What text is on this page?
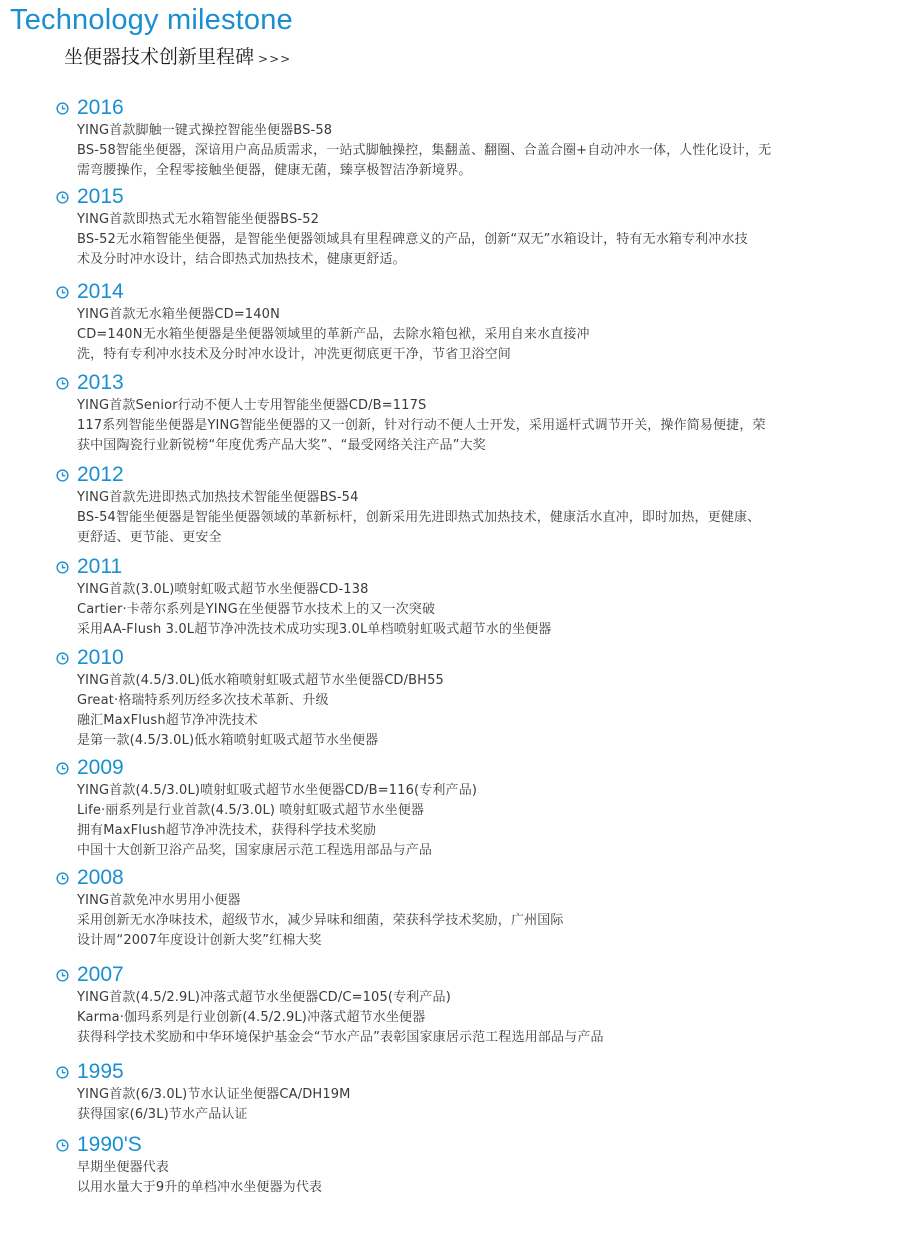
Technology milestone
坐便器技术创新里程碑 >>>
2016
YING首款脚触一键式操控智能坐便器BS-58
BS-58智能坐便器，深谙用户高品质需求，一站式脚触操控，集翻盖、翻圈、合盖合圈+自动冲水一体，人性化设计，无
需弯腰操作，全程零接触坐便器，健康无菌，臻享极智洁净新境界。
2015
YING首款即热式无水箱智能坐便器BS-52
BS-52无水箱智能坐便器，是智能坐便器领域具有里程碑意义的产品，创新“双无”水箱设计，特有无水箱专利冲水技
术及分时冲水设计，结合即热式加热技术，健康更舒适。
2014
YING首款无水箱坐便器CD=140N
CD=140N无水箱坐便器是坐便器领域里的革新产品，去除水箱包袱，采用自来水直接冲
洗，特有专利冲水技术及分时冲水设计，冲洗更彻底更干净，节省卫浴空间
2013
YING首款Senior行动不便人士专用智能坐便器CD/B=117S
117系列智能坐便器是YING智能坐便器的又一创新，针对行动不便人士开发，采用遥杆式调节开关，操作简易便捷，荣
获中国陶瓷行业新锐榜“年度优秀产品大奖”、“最受网络关注产品”大奖
2012
YING首款先进即热式加热技术智能坐便器BS-54
BS-54智能坐便器是智能坐便器领域的革新标杆，创新采用先进即热式加热技术，健康活水直冲，即时加热，更健康、
更舒适、更节能、更安全
2011
YING首款(3.0L)喷射虹吸式超节水坐便器CD-138
Cartier·卡蒂尔系列是YING在坐便器节水技术上的又一次突破
采用AA-Flush 3.0L超节净冲洗技术成功实现3.0L单档喷射虹吸式超节水的坐便器
2010
YING首款(4.5/3.0L)低水箱喷射虹吸式超节水坐便器CD/BH55
Great·格瑞特系列历经多次技术革新、升级
融汇MaxFlush超节净冲洗技术
是第一款(4.5/3.0L)低水箱喷射虹吸式超节水坐便器
2009
YING首款(4.5/3.0L)喷射虹吸式超节水坐便器CD/B=116(专利产品)
Life·丽系列是行业首款(4.5/3.0L) 喷射虹吸式超节水坐便器
拥有MaxFlush超节净冲洗技术，获得科学技术奖励
中国十大创新卫浴产品奖，国家康居示范工程选用部品与产品
2008
YING首款免冲水男用小便器
采用创新无水净味技术，超级节水，减少异味和细菌，荣获科学技术奖励，广州国际
设计周“2007年度设计创新大奖”红棉大奖
2007
YING首款(4.5/2.9L)冲落式超节水坐便器CD/C=105(专利产品)
Karma·伽玛系列是行业创新(4.5/2.9L)冲落式超节水坐便器
获得科学技术奖励和中华环境保护基金会“节水产品”表彰国家康居示范工程选用部品与产品
1995
YING首款(6/3.0L)节水认证坐便器CA/DH19M
获得国家(6/3L)节水产品认证
1990'S
早期坐便器代表
以用水量大于9升的单档冲水坐便器为代表
